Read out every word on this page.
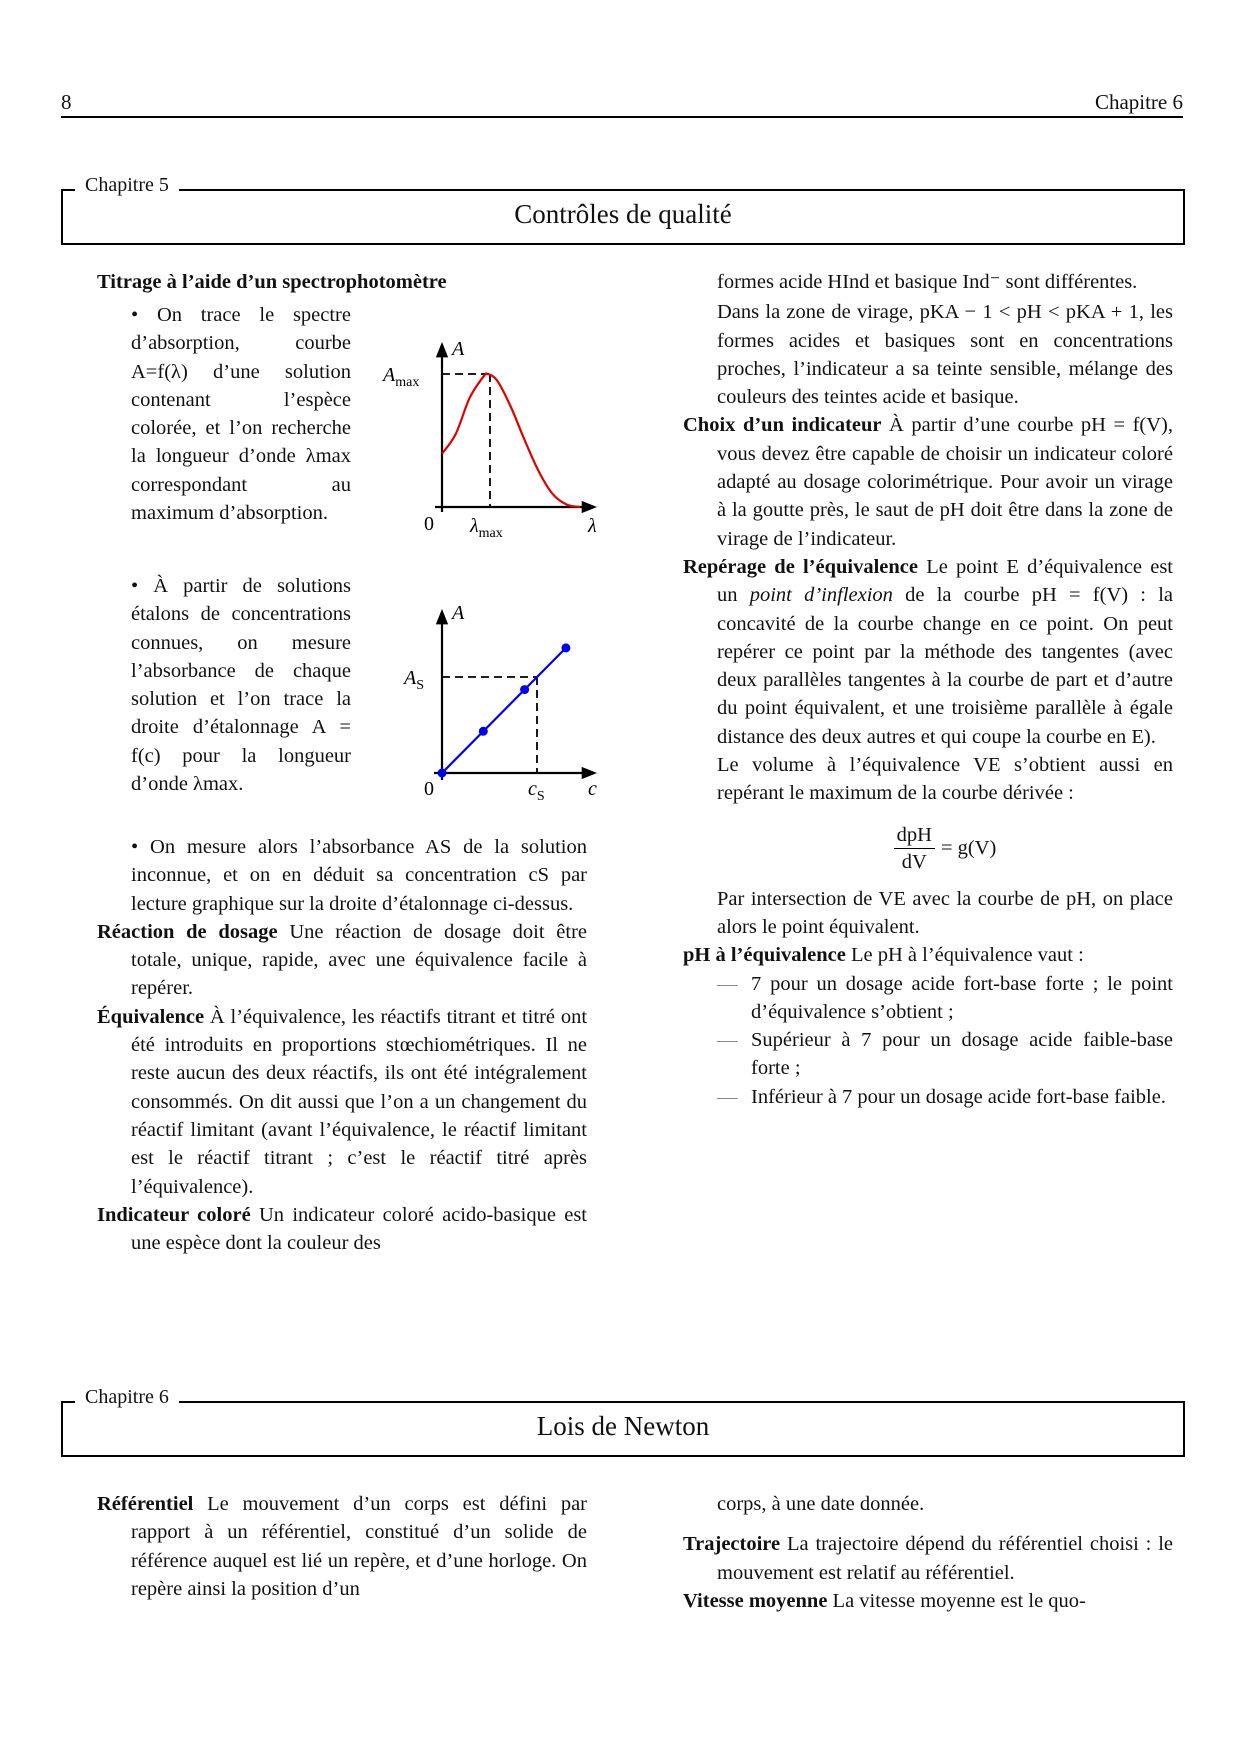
8	Chapitre 6
Chapitre 5
Contrôles de qualité

Titrage à l’aide d’un spectrophotomètre

• On trace le spectre d’absorption, courbe A=f(λ) d’une solution contenant l’espèce colorée, et l’on recherche la longueur d’onde λmax correspondant au maximum d’absorption.
A
$A_{max}$
0 $\lambda_{max}$	λ
• À partir de solutions étalons de concentrations connues, on mesure l’absorbance de chaque solution et l’on trace la droite d’étalonnage A = f(c) pour la longueur d’onde λmax.
A
$A_S$
0	$c_S$ c

• On mesure alors l’absorbance AS de la solution inconnue, et on en déduit sa concentration cS par lecture graphique sur la droite d’étalonnage ci-dessus.

Réaction de dosage Une réaction de dosage doit être totale, unique, rapide, avec une équivalence facile à repérer.

Équivalence À l’équivalence, les réactifs titrant et titré ont été introduits en proportions stœchiométriques. Il ne reste aucun des deux réactifs, ils ont été intégralement consommés. On dit aussi que l’on a un changement du réactif limitant (avant l’équivalence, le réactif limitant est le réactif titrant ; c’est le réactif titré après l’équivalence).

Indicateur coloré Un indicateur coloré acido-basique est une espèce dont la couleur des

formes acide HInd et basique Ind⁻ sont différentes.

Dans la zone de virage, pKA − 1 < pH < pKA + 1, les formes acides et basiques sont en concentrations proches, l’indicateur a sa teinte sensible, mélange des couleurs des teintes acide et basique.

Choix d’un indicateur À partir d’une courbe pH = f(V), vous devez être capable de choisir un indicateur coloré adapté au dosage colorimétrique. Pour avoir un virage à la goutte près, le saut de pH doit être dans la zone de virage de l’indicateur.

Repérage de l’équivalence Le point E d’équivalence est un point d’inflexion de la courbe pH = f(V) : la concavité de la courbe change en ce point. On peut repérer ce point par la méthode des tangentes (avec deux parallèles tangentes à la courbe de part et d’autre du point équivalent, et une troisième parallèle à égale distance des deux autres et qui coupe la courbe en E).

Le volume à l’équivalence VE s’obtient aussi en repérant le maximum de la courbe dérivée :

$\frac{\text{dpH}}{dV} = g(V)$

Par intersection de VE avec la courbe de pH, on place alors le point équivalent.

pH à l’équivalence Le pH à l’équivalence vaut :

— 7 pour un dosage acide fort-base forte ; le point d’équivalence s’obtient ;
— Supérieur à 7 pour un dosage acide faible-base forte ;
— Inférieur à 7 pour un dosage acide fort-base faible.
Chapitre 6
Lois de Newton

Référentiel Le mouvement d’un corps est défini par rapport à un référentiel, constitué d’un solide de référence auquel est lié un repère, et d’une horloge. On repère ainsi la position d’un

corps, à une date donnée.

Trajectoire La trajectoire dépend du référentiel choisi : le mouvement est relatif au référentiel.

Vitesse moyenne La vitesse moyenne est le quo-
